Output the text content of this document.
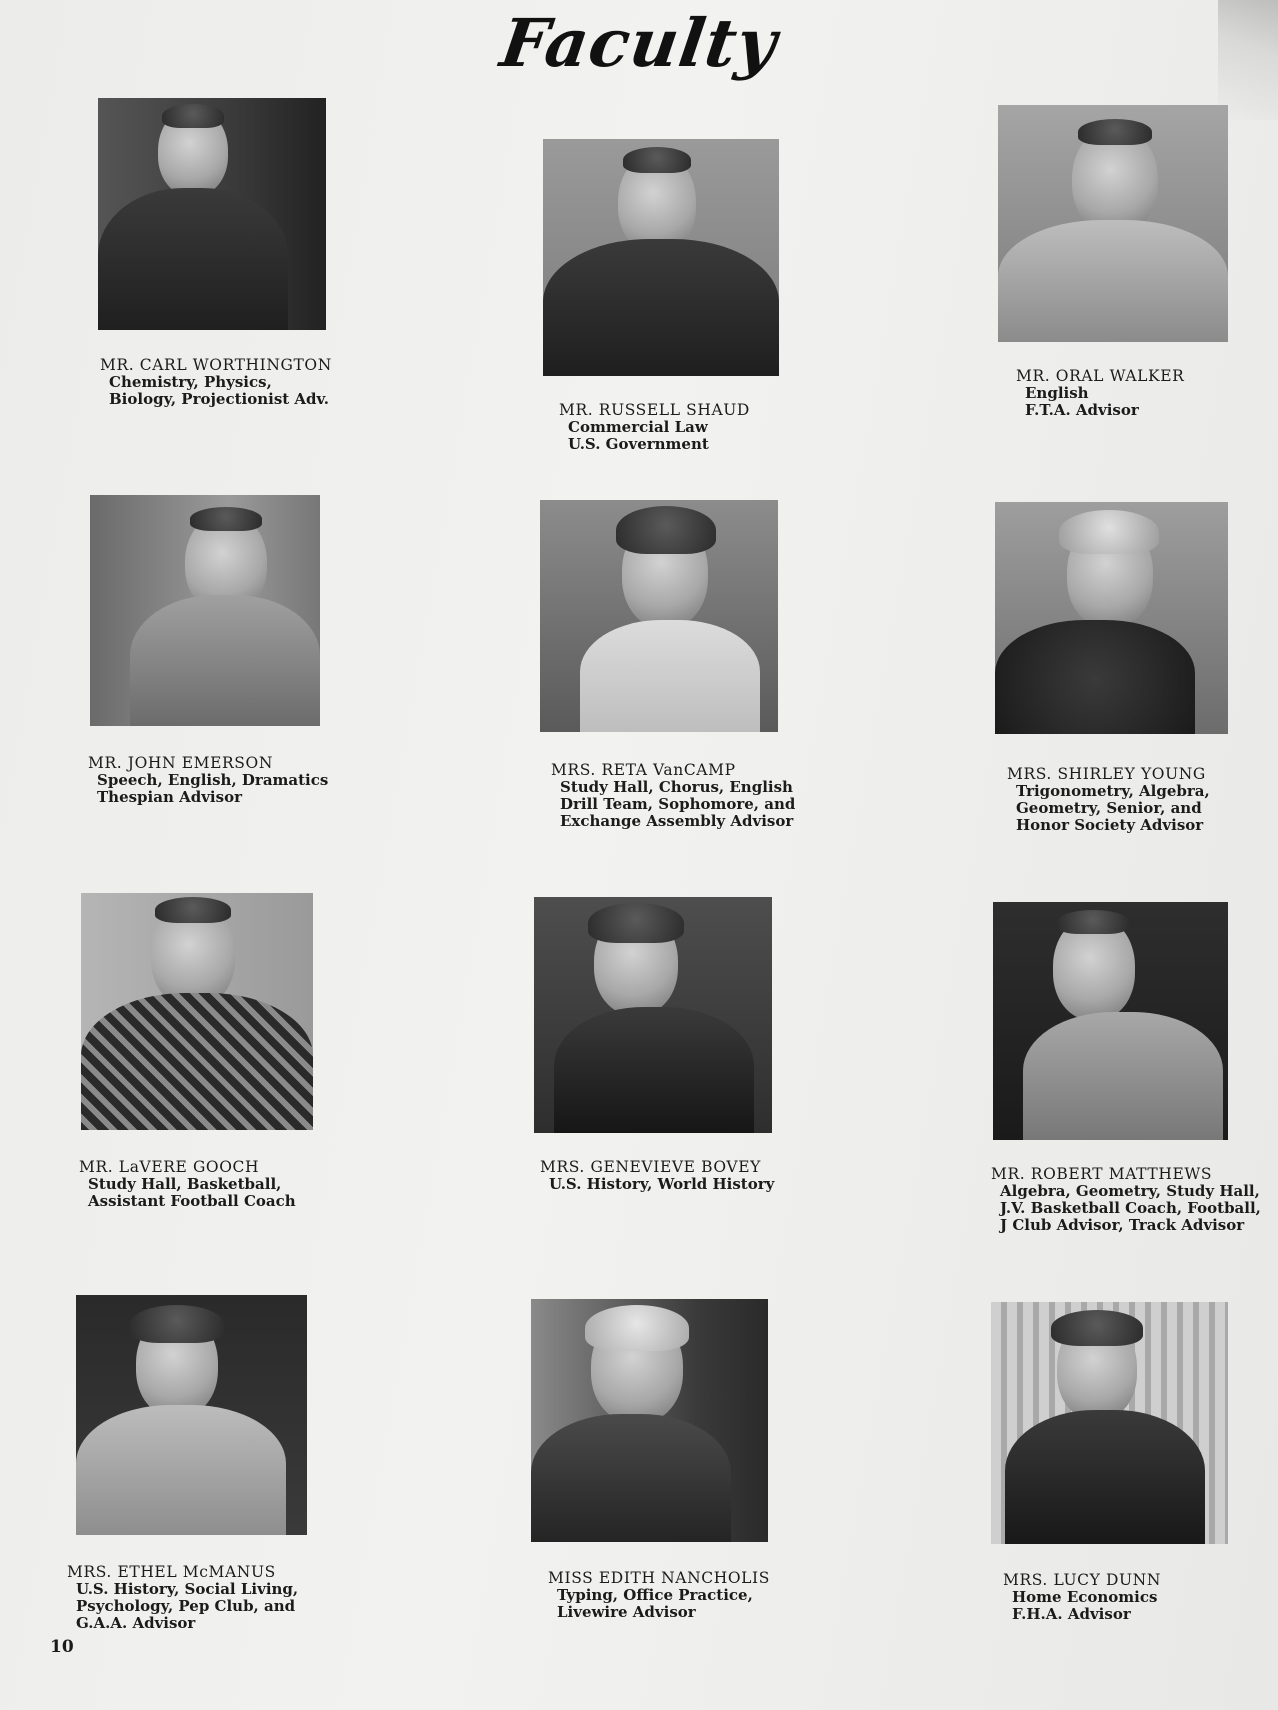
Faculty
MR. CARL WORTHINGTON
Chemistry, Physics,
Biology, Projectionist Adv.
MR. RUSSELL SHAUD
Commercial Law
U.S. Government
MR. ORAL WALKER
English
F.T.A. Advisor
MR. JOHN EMERSON
Speech, English, Dramatics
Thespian Advisor
MRS. RETA VanCAMP
Study Hall, Chorus, English
Drill Team, Sophomore, and
Exchange Assembly Advisor
MRS. SHIRLEY YOUNG
Trigonometry, Algebra,
Geometry, Senior, and
Honor Society Advisor
MR. LaVERE GOOCH
Study Hall, Basketball,
Assistant Football Coach
MRS. GENEVIEVE BOVEY
U.S. History, World History
MR. ROBERT MATTHEWS
Algebra, Geometry, Study Hall,
J.V. Basketball Coach, Football,
J Club Advisor, Track Advisor
MRS. ETHEL McMANUS
U.S. History, Social Living,
Psychology, Pep Club, and
G.A.A. Advisor
MISS EDITH NANCHOLIS
Typing, Office Practice,
Livewire Advisor
MRS. LUCY DUNN
Home Economics
F.H.A. Advisor
10
